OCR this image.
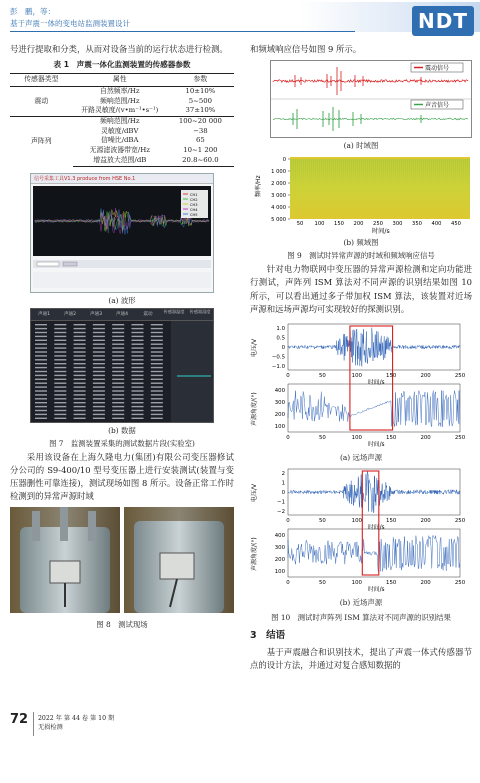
彭　鹏，等：
基于声震一体的变电站监测装置设计	NDT

号进行提取和分类，从而对设备当前的运行状态进行检测。

表 1　声震一体化监测装置的传感器参数
传感器类型	属性	参数
震动	自然频率/Hz	10±10%
	频响范围/Hz	5~500
	开路灵敏度/(v•m⁻¹•s⁻¹)	37±10%
声阵列	频响范围/Hz	100~20 000
	灵敏度/dBV	−38
	信噪比/dBA	65
	无源滤波器带宽/Hz	10~1 200
	增益放大范围/dB	20.8~60.0
信号采集工具V1.3 produce from HSE No.1
CH1
CH2
CH3
CH4
CH5
(a) 波形
声通1	声通2	声通3	声通4	震动
传感器温度	传感器湿度
(b) 数据
图 7　监测装置采集的测试数据片段(实验室)

采用该设备在上海久隆电力(集团)有限公司变压器修试分公司的 S9-400/10 型号变压器上进行安装测试(装置与变压器删性可靠连接)，测试现场如图 8 所示。设备正常工作时检测到的异常声源时域

图 8　测试现场

和频域响应信号如图 9 所示。

震动信号
声音信号
(a) 时域图
0
1 000
2 000
3 000
4 000
5 000
50 100 150 200 250 300 350 400 450
频率/Hz
时间/s
(b) 频域图
图 9　测试时异常声源的时域和频域响应信号

针对电力物联网中变压器的异常声源检测和定向功能进行测试，声阵列 ISM 算法对不同声源的识别结果如图 10 所示，可以看出通过多子带加权 ISM 算法，该装置对近场声源和远场声源均可实现较好的探测识别。

1.0
0.5
0
−0.5
−1.0
电压/V
400
300
200
100
声源角度/(°)
0
0
50
50
100
100
150
150
200
200
250
250
时间/s
时间/s
(a) 远场声源
2
1
0
−1
−2
电压/V
400
300
200
100
声源角度/(°)
0
0
50
50
100
100
150
150
200
200
250
250
时间/s
时间/s
(b) 近场声源
图 10　测试时声阵列 ISM 算法对不同声源的识别结果
3　结语

基于声震融合和识别技术，提出了声震一体式传感器节点的设计方法，并通过对复合感知数据的

72 2022 年 第 44 卷 第 10 期
无损检测
